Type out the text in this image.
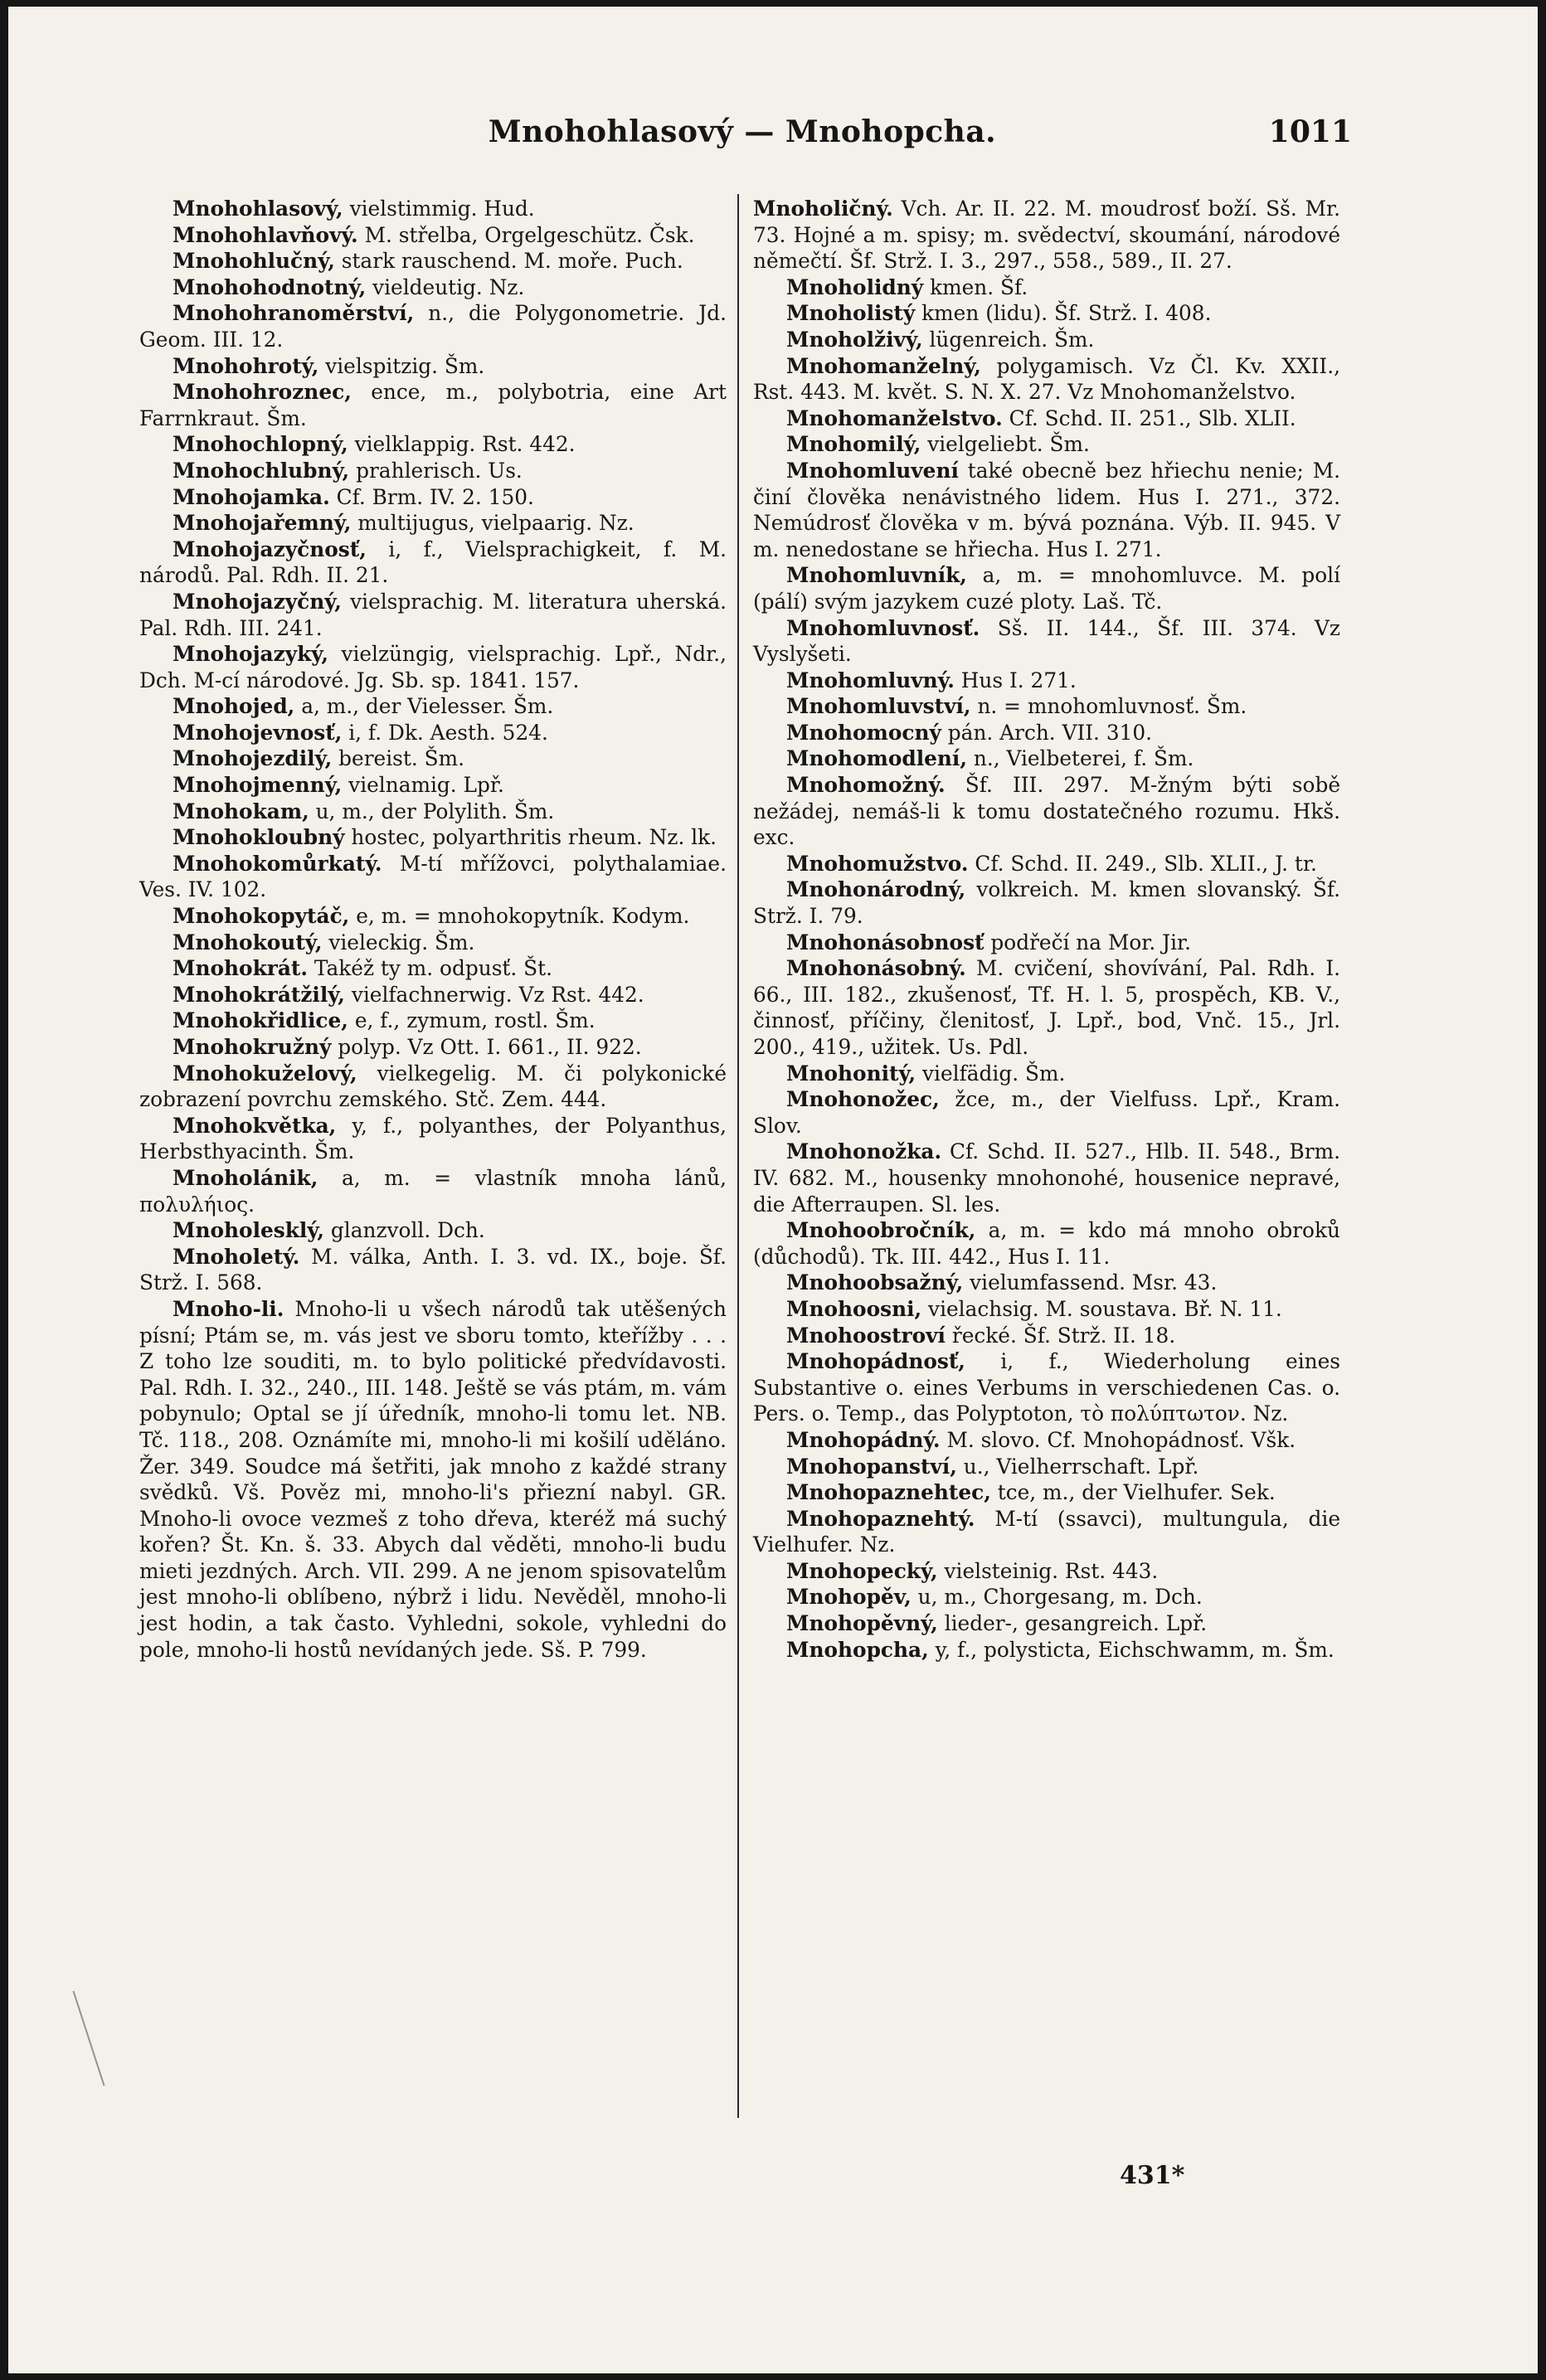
Mnohohlasový — Mnohopcha.	1011

Mnohohlasový, vielstimmig. Hud.

Mnohohlavňový. M. střelba, Orgelgeschütz. Čsk.

Mnohohlučný, stark rauschend. M. moře. Puch.

Mnohohodnotný, vieldeutig. Nz.

Mnohohranoměrství, n., die Polygonometrie. Jd. Geom. III. 12.

Mnohohrotý, vielspitzig. Šm.

Mnohohroznec, ence, m., polybotria, eine Art Farrnkraut. Šm.

Mnohochlopný, vielklappig. Rst. 442.

Mnohochlubný, prahlerisch. Us.

Mnohojamka. Cf. Brm. IV. 2. 150.

Mnohojařemný, multijugus, vielpaarig. Nz.

Mnohojazyčnosť, i, f., Vielsprachigkeit, f. M. národů. Pal. Rdh. II. 21.

Mnohojazyčný, vielsprachig. M. literatura uherská. Pal. Rdh. III. 241.

Mnohojazyký, vielzüngig, vielsprachig. Lpř., Ndr., Dch. M-cí národové. Jg. Sb. sp. 1841. 157.

Mnohojed, a, m., der Vielesser. Šm.

Mnohojevnosť, i, f. Dk. Aesth. 524.

Mnohojezdilý, bereist. Šm.

Mnohojmenný, vielnamig. Lpř.

Mnohokam, u, m., der Polylith. Šm.

Mnohokloubný hostec, polyarthritis rheum. Nz. lk.

Mnohokomůrkatý. M-tí mřížovci, polythalamiae. Ves. IV. 102.

Mnohokopytáč, e, m. = mnohokopytník. Kodym.

Mnohokoutý, vieleckig. Šm.

Mnohokrát. Takéž ty m. odpusť. Št.

Mnohokrátžilý, vielfachnerwig. Vz Rst. 442.

Mnohokřidlice, e, f., zymum, rostl. Šm.

Mnohokružný polyp. Vz Ott. I. 661., II. 922.

Mnohokuželový, vielkegelig. M. či polykonické zobrazení povrchu zemského. Stč. Zem. 444.

Mnohokvětka, y, f., polyanthes, der Polyanthus, Herbsthyacinth. Šm.

Mnoholánik, a, m. = vlastník mnoha lánů, πολυλήιος.

Mnoholesklý, glanzvoll. Dch.

Mnoholetý. M. válka, Anth. I. 3. vd. IX., boje. Šf. Strž. I. 568.

Mnoho-li. Mnoho-li u všech národů tak utěšených písní; Ptám se, m. vás jest ve sboru tomto, kteřížby . . . Z toho lze souditi, m. to bylo politické předvídavosti. Pal. Rdh. I. 32., 240., III. 148. Ještě se vás ptám, m. vám pobynulo; Optal se jí úředník, mnoho-li tomu let. NB. Tč. 118., 208. Oznámíte mi, mnoho-li mi košilí uděláno. Žer. 349. Soudce má šetřiti, jak mnoho z každé strany svědků. Vš. Pověz mi, mnoho-li's přiezní nabyl. GR. Mnoho-li ovoce vezmeš z toho dřeva, kteréž má suchý kořen? Št. Kn. š. 33. Abych dal věděti, mnoho-li budu mieti jezdných. Arch. VII. 299. A ne jenom spisovatelům jest mnoho-li oblíbeno, nýbrž i lidu. Nevěděl, mnoho-li jest hodin, a tak často. Vyhledni, sokole, vyhledni do pole, mnoho-li hostů nevídaných jede. Sš. P. 799.

Mnoholičný. Vch. Ar. II. 22. M. moudrosť boží. Sš. Mr. 73. Hojné a m. spisy; m. svědectví, skoumání, národové němečtí. Šf. Strž. I. 3., 297., 558., 589., II. 27.

Mnoholidný kmen. Šf.

Mnoholistý kmen (lidu). Šf. Strž. I. 408.

Mnoholživý, lügenreich. Šm.

Mnohomanželný, polygamisch. Vz Čl. Kv. XXII., Rst. 443. M. květ. S. N. X. 27. Vz Mnohomanželstvo.

Mnohomanželstvo. Cf. Schd. II. 251., Slb. XLII.

Mnohomilý, vielgeliebt. Šm.

Mnohomluvení také obecně bez hřiechu nenie; M. činí člověka nenávistného lidem. Hus I. 271., 372. Nemúdrosť člověka v m. bývá poznána. Výb. II. 945. V m. nenedostane se hřiecha. Hus I. 271.

Mnohomluvník, a, m. = mnohomluvce. M. polí (pálí) svým jazykem cuzé ploty. Laš. Tč.

Mnohomluvnosť. Sš. II. 144., Šf. III. 374. Vz Vyslyšeti.

Mnohomluvný. Hus I. 271.

Mnohomluvství, n. = mnohomluvnosť. Šm.

Mnohomocný pán. Arch. VII. 310.

Mnohomodlení, n., Vielbeterei, f. Šm.

Mnohomožný. Šf. III. 297. M-žným býti sobě nežádej, nemáš-li k tomu dostatečného rozumu. Hkš. exc.

Mnohomužstvo. Cf. Schd. II. 249., Slb. XLII., J. tr.

Mnohonárodný, volkreich. M. kmen slovanský. Šf. Strž. I. 79.

Mnohonásobnosť podřečí na Mor. Jir.

Mnohonásobný. M. cvičení, shovívání, Pal. Rdh. I. 66., III. 182., zkušenosť, Tf. H. l. 5, prospěch, KB. V., činnosť, příčiny, členitosť, J. Lpř., bod, Vnč. 15., Jrl. 200., 419., užitek. Us. Pdl.

Mnohonitý, vielfädig. Šm.

Mnohonožec, žce, m., der Vielfuss. Lpř., Kram. Slov.

Mnohonožka. Cf. Schd. II. 527., Hlb. II. 548., Brm. IV. 682. M., housenky mnohonohé, housenice nepravé, die Afterraupen. Sl. les.

Mnohoobročník, a, m. = kdo má mnoho obroků (důchodů). Tk. III. 442., Hus I. 11.

Mnohoobsažný, vielumfassend. Msr. 43.

Mnohoosni, vielachsig. M. soustava. Bř. N. 11.

Mnohoostroví řecké. Šf. Strž. II. 18.

Mnohopádnosť, i, f., Wiederholung eines Substantive o. eines Verbums in verschiedenen Cas. o. Pers. o. Temp., das Polyptoton, τὸ πολύπτωτον. Nz.

Mnohopádný. M. slovo. Cf. Mnohopádnosť. Všk.

Mnohopanství, u., Vielherrschaft. Lpř.

Mnohopaznehtec, tce, m., der Vielhufer. Sek.

Mnohopaznehtý. M-tí (ssavci), multungula, die Vielhufer. Nz.

Mnohopecký, vielsteinig. Rst. 443.

Mnohopěv, u, m., Chorgesang, m. Dch.

Mnohopěvný, lieder-, gesangreich. Lpř.

Mnohopcha, y, f., polysticta, Eichschwamm, m. Šm.

431*
